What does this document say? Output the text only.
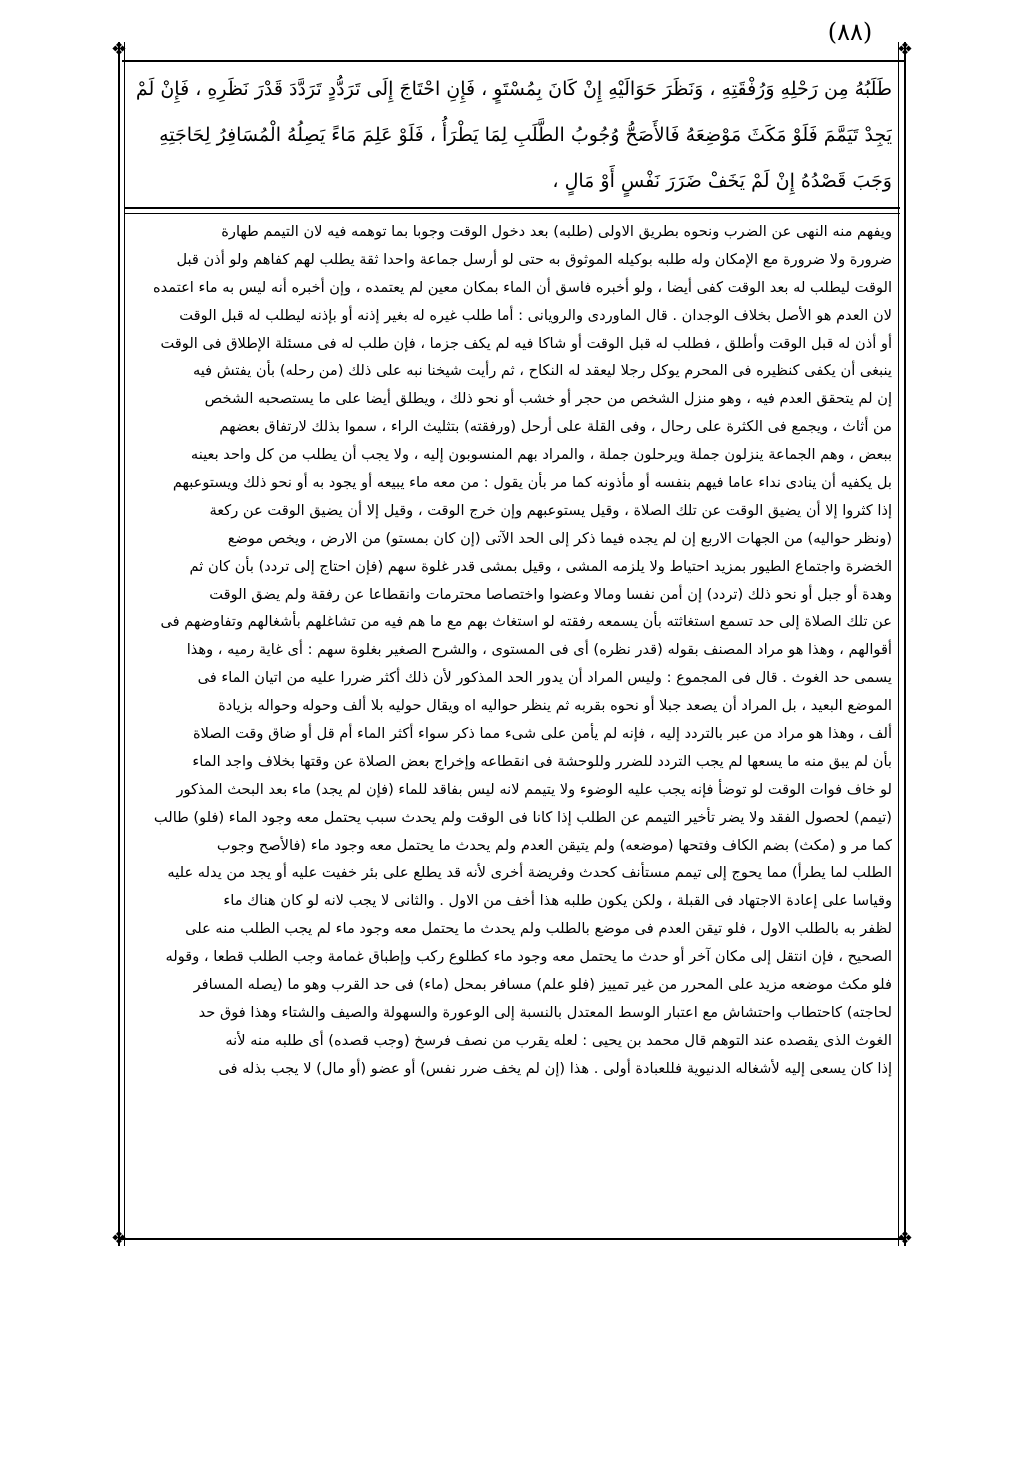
(٨٨)
❖	❖
❖	❖
طَلَبُهُ مِن رَحْلِهِ وَرُفْقَتِهِ ، وَنَظَرَ حَوَالَيْهِ إِنْ كَانَ بِمُسْتَوٍ ، فَإِنِ احْتَاجَ إِلَى تَرَدُّدٍ تَرَدَّدَ قَدْرَ نَظَرِهِ ، فَإِنْ لَمْ
يَجِدْ تَيَمَّمَ فَلَوْ مَكَثَ مَوْضِعَهُ فَالأَصَحُّ وُجُوبُ الطَّلَبِ لِمَا يَطْرَأُ ، فَلَوْ عَلِمَ مَاءً يَصِلُهُ الْمُسَافِرُ لِحَاجَتِهِ
وَجَبَ قَصْدُهُ إِنْ لَمْ يَخَفْ ضَرَرَ نَفْسٍ أَوْ مَالٍ ،
ويفهم منه النهى عن الضرب ونحوه بطريق الاولى (طلبه) بعد دخول الوقت وجوبا بما توهمه فيه لان التيمم طهارة
ضرورة ولا ضرورة مع الإمكان وله طلبه بوكيله الموثوق به حتى لو أرسل جماعة واحدا ثقة يطلب لهم كفاهم ولو أذن قبل
الوقت ليطلب له بعد الوقت كفى أيضا ، ولو أخبره فاسق أن الماء بمكان معين لم يعتمده ، وإن أخبره أنه ليس به ماء اعتمده
لان العدم هو الأصل بخلاف الوجدان . قال الماوردى والرويانى : أما طلب غيره له بغير إذنه أو بإذنه ليطلب له قبل الوقت
أو أذن له قبل الوقت وأطلق ، فطلب له قبل الوقت أو شاكا فيه لم يكف جزما ، فإن طلب له فى مسئلة الإطلاق فى الوقت
ينبغى أن يكفى كنظيره فى المحرم يوكل رجلا ليعقد له النكاح ، ثم رأيت شيخنا نبه على ذلك (من رحله) بأن يفتش فيه
إن لم يتحقق العدم فيه ، وهو منزل الشخص من حجر أو خشب أو نحو ذلك ، ويطلق أيضا على ما يستصحبه الشخص
من أثاث ، ويجمع فى الكثرة على رحال ، وفى القلة على أرحل (ورفقته) بتثليث الراء ، سموا بذلك لارتفاق بعضهم
ببعض ، وهم الجماعة ينزلون جملة ويرحلون جملة ، والمراد بهم المنسوبون إليه ، ولا يجب أن يطلب من كل واحد بعينه
بل يكفيه أن ينادى نداء عاما فيهم بنفسه أو مأذونه كما مر بأن يقول : من معه ماء يبيعه أو يجود به أو نحو ذلك ويستوعبهم
إذا كثروا إلا أن يضيق الوقت عن تلك الصلاة ، وقيل يستوعبهم وإن خرج الوقت ، وقيل إلا أن يضيق الوقت عن ركعة
(ونظر حواليه) من الجهات الاربع إن لم يجده فيما ذكر إلى الحد الآتى (إن كان بمستو) من الارض ، ويخص موضع
الخضرة واجتماع الطيور بمزيد احتياط ولا يلزمه المشى ، وقيل بمشى قدر غلوة سهم (فإن احتاج إلى تردد) بأن كان ثم
وهدة أو جبل أو نحو ذلك (تردد) إن أمن نفسا ومالا وعضوا واختصاصا محترمات وانقطاعا عن رفقة ولم يضق الوقت
عن تلك الصلاة إلى حد تسمع استغاثته بأن يسمعه رفقته لو استغاث بهم مع ما هم فيه من تشاغلهم بأشغالهم وتفاوضهم فى
أقوالهم ، وهذا هو مراد المصنف بقوله (قدر نظره) أى فى المستوى ، والشرح الصغير بغلوة سهم : أى غاية رميه ، وهذا
يسمى حد الغوث . قال فى المجموع : وليس المراد أن يدور الحد المذكور لأن ذلك أكثر ضررا عليه من اتيان الماء فى
الموضع البعيد ، بل المراد أن يصعد جبلا أو نحوه بقربه ثم ينظر حواليه اه ويقال حوليه بلا ألف وحوله وحواله بزيادة
ألف ، وهذا هو مراد من عبر بالتردد إليه ، فإنه لم يأمن على شىء مما ذكر سواء أكثر الماء أم قل أو ضاق وقت الصلاة
بأن لم يبق منه ما يسعها لم يجب التردد للضرر وللوحشة فى انقطاعه وإخراج بعض الصلاة عن وقتها بخلاف واجد الماء
لو خاف فوات الوقت لو توضأ فإنه يجب عليه الوضوء ولا يتيمم لانه ليس بفاقد للماء (فإن لم يجد) ماء بعد البحث المذكور
(تيمم) لحصول الفقد ولا يضر تأخير التيمم عن الطلب إذا كانا فى الوقت ولم يحدث سبب يحتمل معه وجود الماء (فلو) طالب
كما مر و (مكث) بضم الكاف وفتحها (موضعه) ولم يتيقن العدم ولم يحدث ما يحتمل معه وجود ماء (فالأصح وجوب
الطلب لما يطرأ) مما يحوج إلى تيمم مستأنف كحدث وفريضة أخرى لأنه قد يطلع على بئر خفيت عليه أو يجد من يدله عليه
وقياسا على إعادة الاجتهاد فى القبلة ، ولكن يكون طلبه هذا أخف من الاول . والثانى لا يجب لانه لو كان هناك ماء
لظفر به بالطلب الاول ، فلو تيقن العدم فى موضع بالطلب ولم يحدث ما يحتمل معه وجود ماء لم يجب الطلب منه على
الصحيح ، فإن انتقل إلى مكان آخر أو حدث ما يحتمل معه وجود ماء كطلوع ركب وإطباق غمامة وجب الطلب قطعا ، وقوله
فلو مكث موضعه مزيد على المحرر من غير تمييز (فلو علم) مسافر بمحل (ماء) فى حد القرب وهو ما (يصله المسافر
لحاجته) كاحتطاب واحتشاش مع اعتبار الوسط المعتدل بالنسبة إلى الوعورة والسهولة والصيف والشتاء وهذا فوق حد
الغوث الذى يقصده عند التوهم قال محمد بن يحيى : لعله يقرب من نصف فرسخ (وجب قصده) أى طلبه منه لأنه
إذا كان يسعى إليه لأشغاله الدنيوية فللعبادة أولى . هذا (إن لم يخف ضرر نفس) أو عضو (أو مال) لا يجب بذله فى
